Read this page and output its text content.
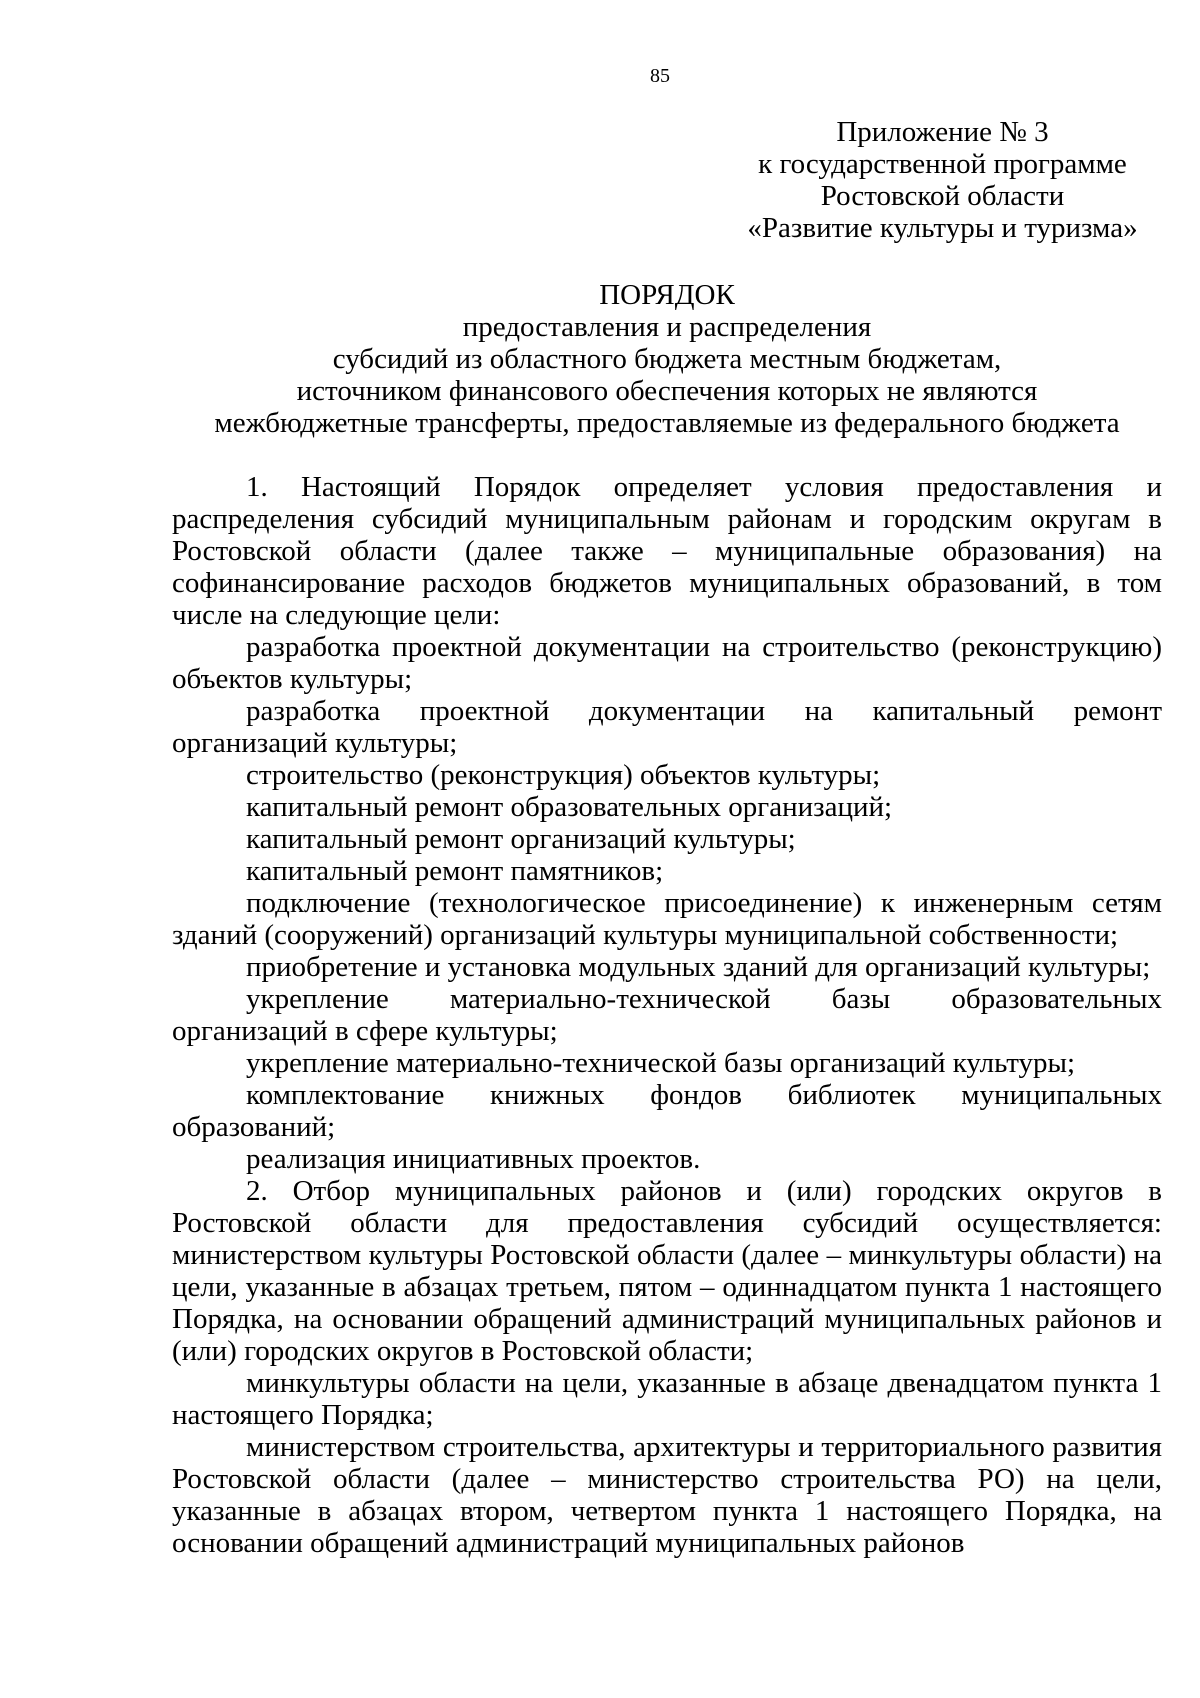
85
Приложение № 3
к государственной программе
Ростовской области
«Развитие культуры и туризма»
ПОРЯДОК
предоставления и распределения
субсидий из областного бюджета местным бюджетам,
источником финансового обеспечения которых не являются
межбюджетные трансферты, предоставляемые из федерального бюджета

1. Настоящий Порядок определяет условия предоставления и распределения субсидий муниципальным районам и городским округам в Ростовской области (далее также – муниципальные образования) на софинансирование расходов бюджетов муниципальных образований, в том числе на следующие цели:

разработка проектной документации на строительство (реконструкцию) объектов культуры;

разработка проектной документации на капитальный ремонт организаций культуры;

строительство (реконструкция) объектов культуры;

капитальный ремонт образовательных организаций;

капитальный ремонт организаций культуры;

капитальный ремонт памятников;

подключение (технологическое присоединение) к инженерным сетям зданий (сооружений) организаций культуры муниципальной собственности;

приобретение и установка модульных зданий для организаций культуры;

укрепление материально-технической базы образовательных организаций в сфере культуры;

укрепление материально-технической базы организаций культуры;

комплектование книжных фондов библиотек муниципальных образований;

реализация инициативных проектов.

2. Отбор муниципальных районов и (или) городских округов в Ростовской области для предоставления субсидий осуществляется: министерством культуры Ростовской области (далее – минкультуры области) на цели, указанные в абзацах третьем, пятом – одиннадцатом пункта 1 настоящего Порядка, на основании обращений администраций муниципальных районов и (или) городских округов в Ростовской области;

минкультуры области на цели, указанные в абзаце двенадцатом пункта 1 настоящего Порядка;

министерством строительства, архитектуры и территориального развития Ростовской области (далее – министерство строительства РО) на цели, указанные в абзацах втором, четвертом пункта 1 настоящего Порядка, на основании обращений администраций муниципальных районов
